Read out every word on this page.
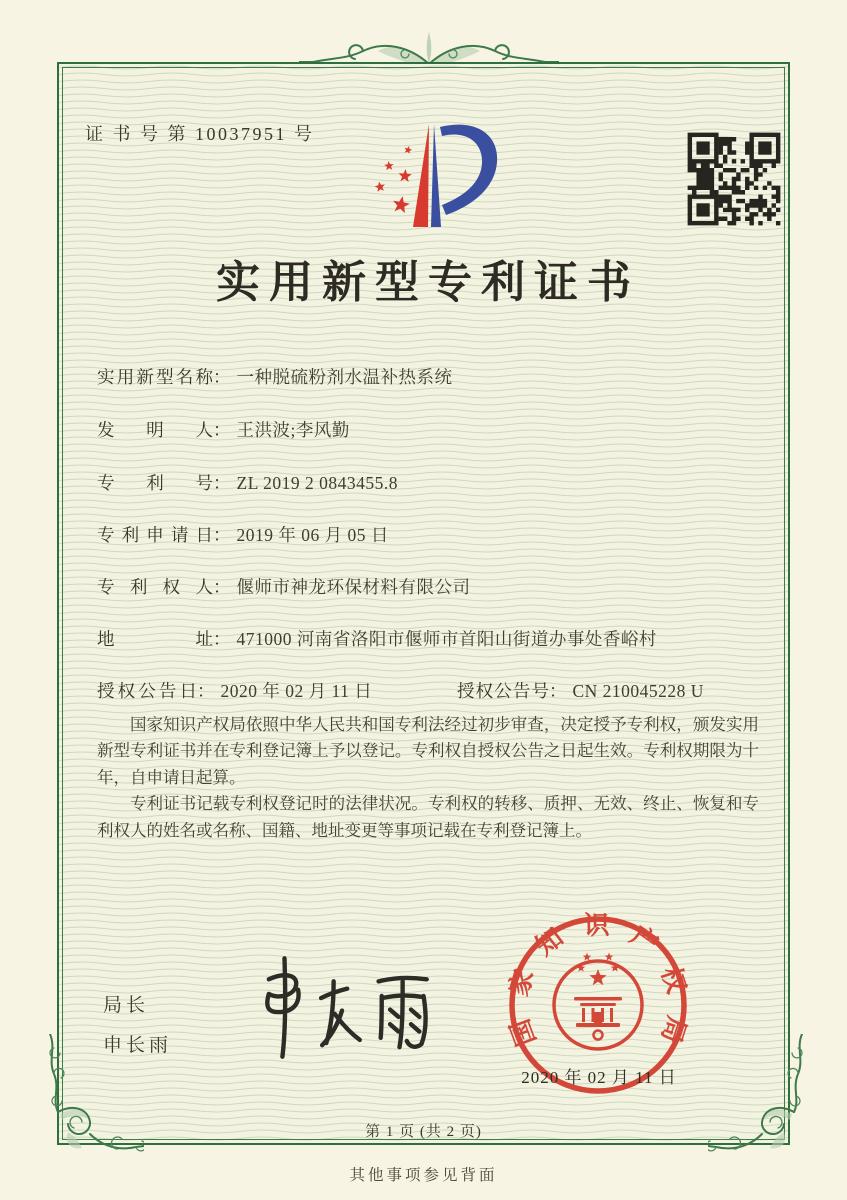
证 书 号 第 10037951 号
实用新型专利证书
实用新型名称： 一种脱硫粉剂水温补热系统
发明人： 王洪波;李风勤
专利号： ZL 2019 2 0843455.8
专利申请日： 2019 年 06 月 05 日
专利权人： 偃师市神龙环保材料有限公司
地址： 471000 河南省洛阳市偃师市首阳山街道办事处香峪村
授权公告日： 2020 年 02 月 11 日	授权公告号： CN 210045228 U

国家知识产权局依照中华人民共和国专利法经过初步审查，决定授予专利权，颁发实用新型专利证书并在专利登记簿上予以登记。专利权自授权公告之日起生效。专利权期限为十年，自申请日起算。

专利证书记载专利权登记时的法律状况。专利权的转移、质押、无效、终止、恢复和专利权人的姓名或名称、国籍、地址变更等事项记载在专利登记簿上。

局长
申长雨	国家知识产权局
2020 年 02 月 11 日
第 1 页 (共 2 页)
其他事项参见背面
